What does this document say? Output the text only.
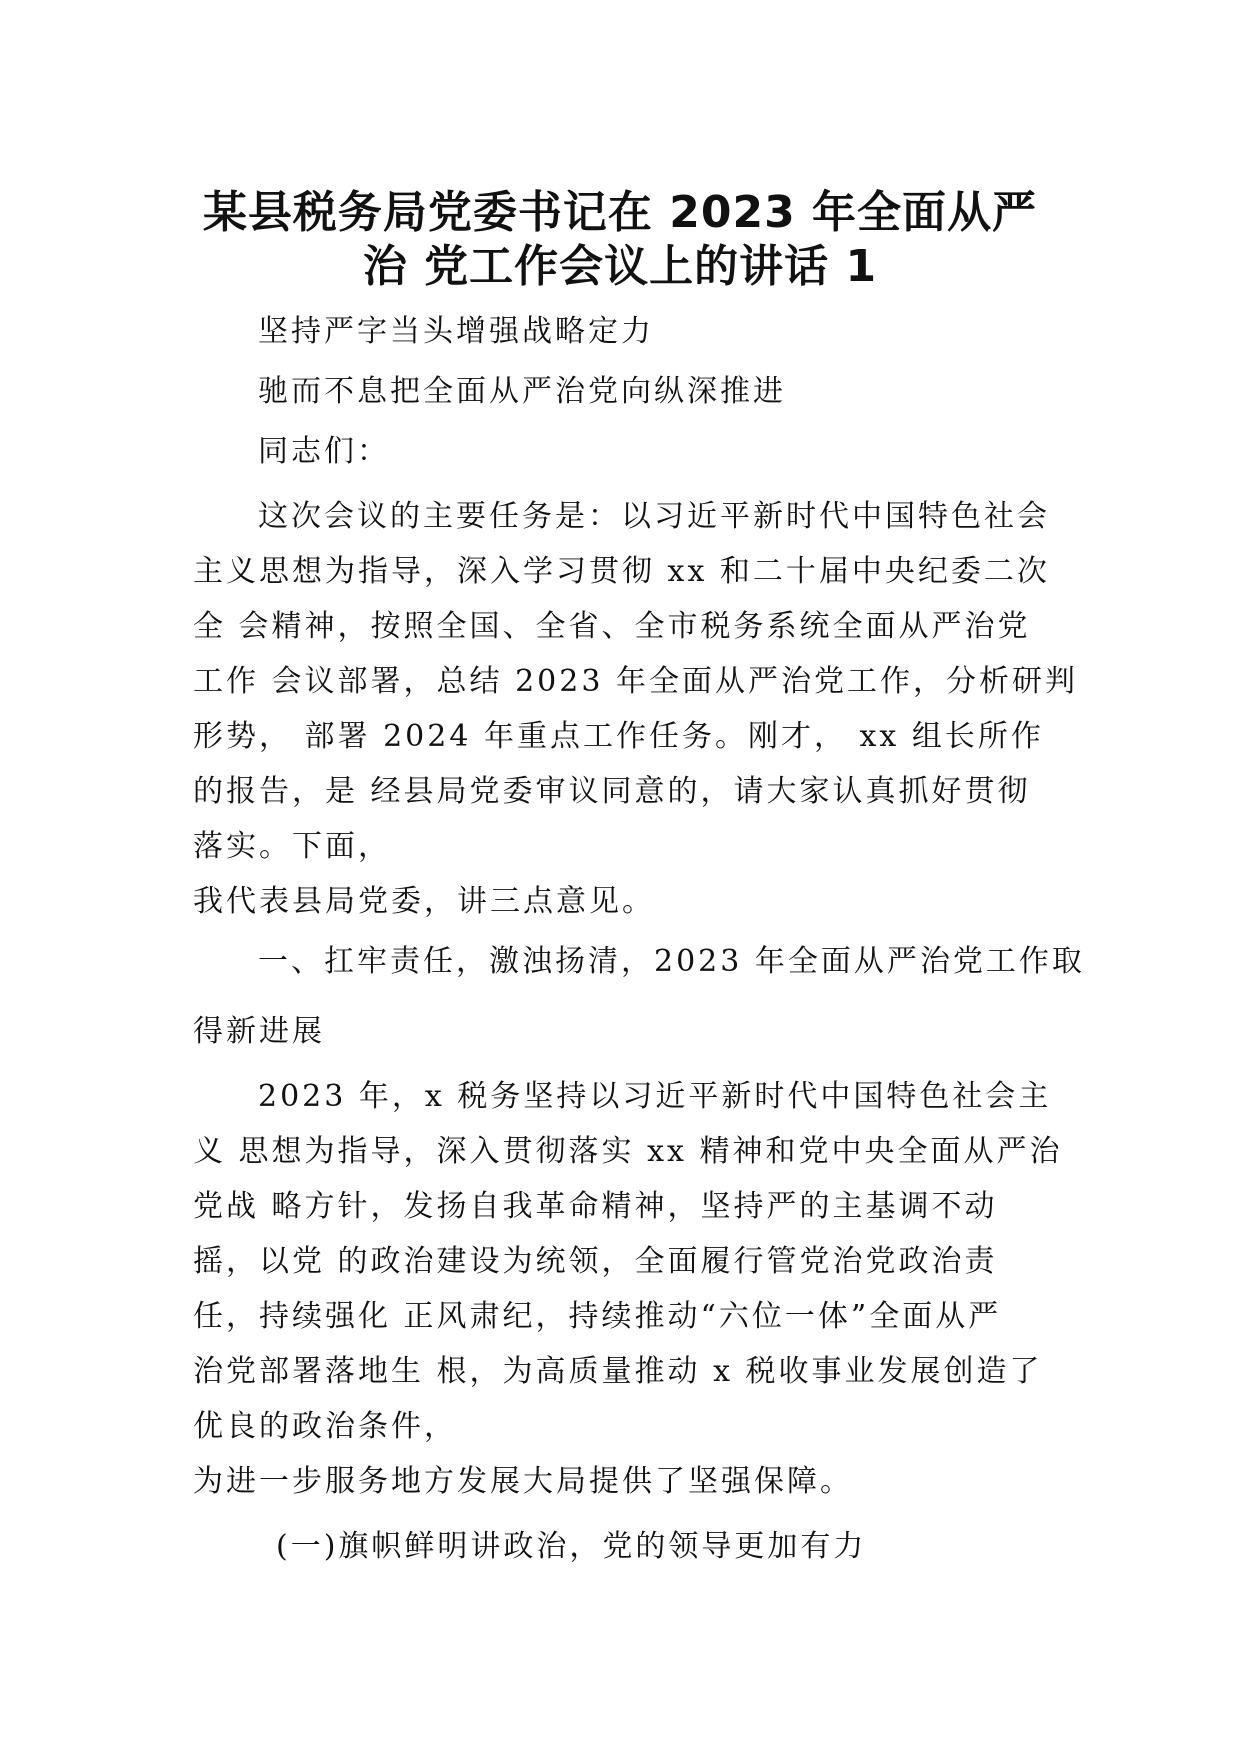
某县税务局党委书记在 2023 年全面从严
治 党工作会议上的讲话 1
坚持严字当头增强战略定力
驰而不息把全面从严治党向纵深推进
同志们：
这次会议的主要任务是：以习近平新时代中国特色社会
主义思想为指导，深入学习贯彻 xx 和二十届中央纪委二次
全 会精神，按照全国、全省、全市税务系统全面从严治党
工作 会议部署，总结 2023 年全面从严治党工作，分析研判
形势， 部署 2024 年重点工作任务。刚才， xx 组长所作
的报告，是 经县局党委审议同意的，请大家认真抓好贯彻
落实。下面，
我代表县局党委，讲三点意见。
一、扛牢责任，激浊扬清，2023 年全面从严治党工作取
得新进展
2023 年，x 税务坚持以习近平新时代中国特色社会主
义 思想为指导，深入贯彻落实 xx 精神和党中央全面从严治
党战 略方针，发扬自我革命精神，坚持严的主基调不动
摇，以党 的政治建设为统领，全面履行管党治党政治责
任，持续强化 正风肃纪，持续推动“六位一体”全面从严
治党部署落地生 根，为高质量推动 x 税收事业发展创造了
优良的政治条件，
为进一步服务地方发展大局提供了坚强保障。
(一)旗帜鲜明讲政治，党的领导更加有力
